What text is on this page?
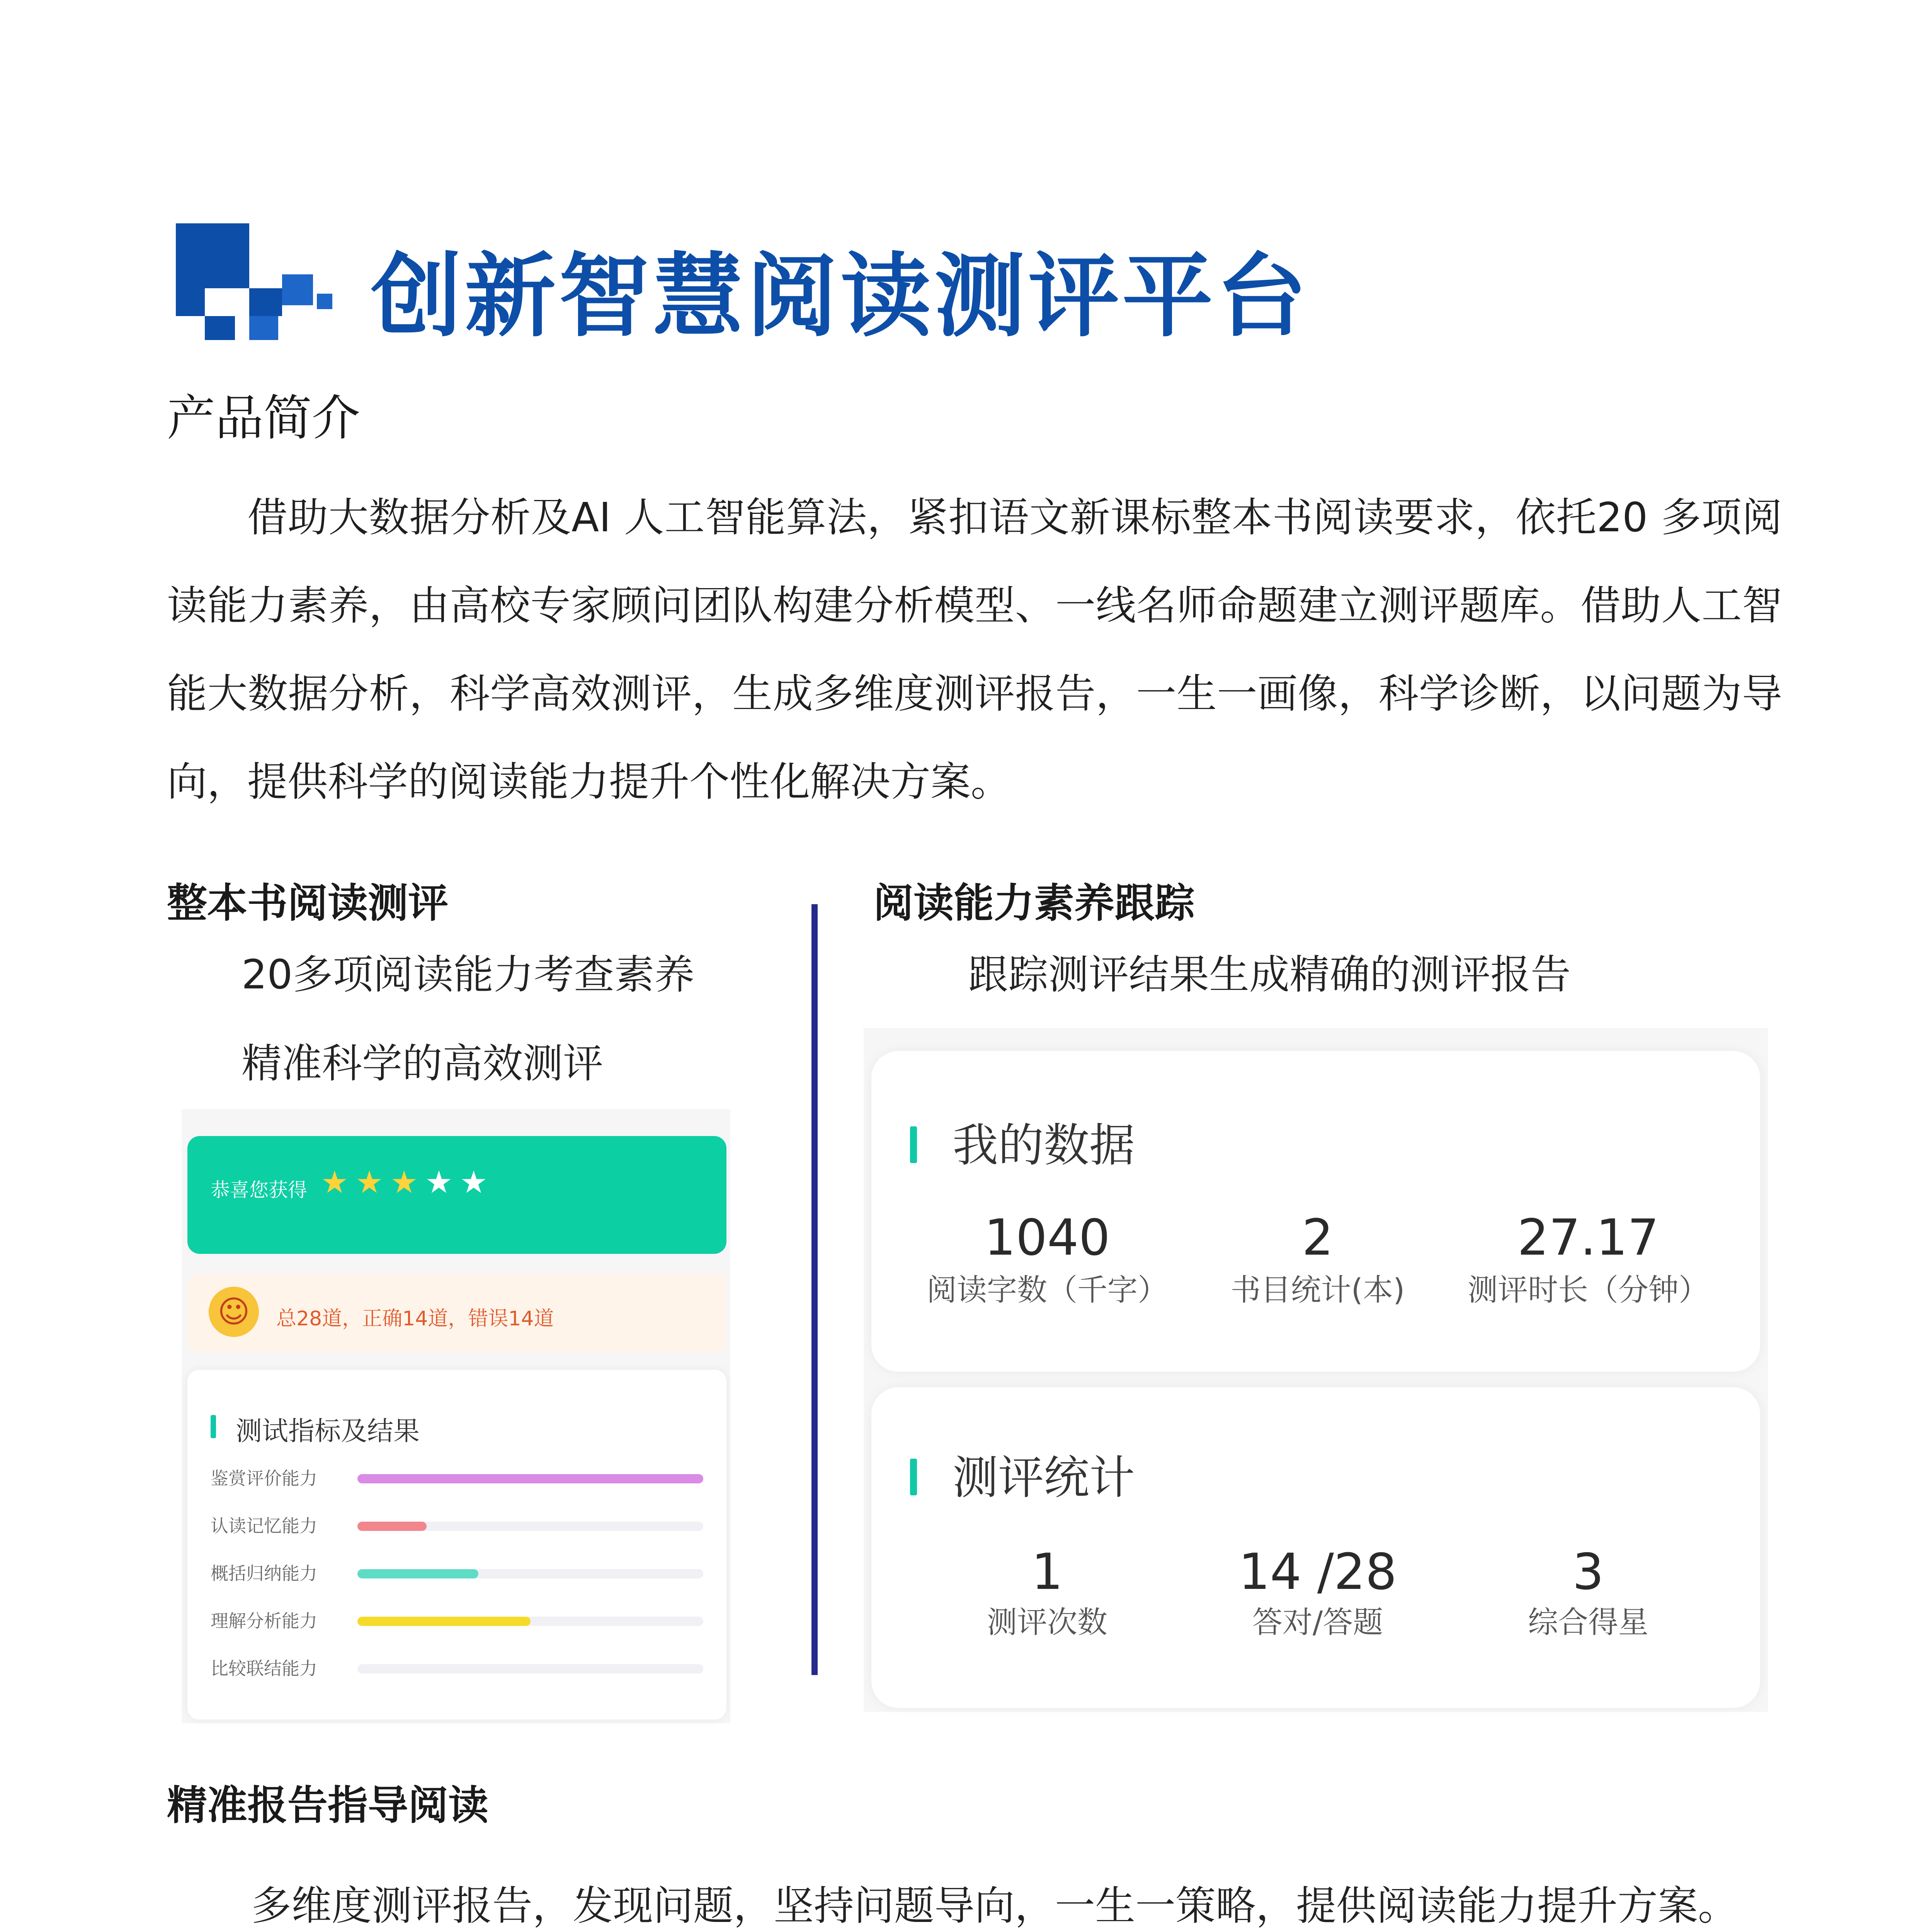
创新智慧阅读测评平台
产品简介
借助大数据分析及AI 人工智能算法，紧扣语文新课标整本书阅读要求，依托20 多项阅读能力素养，由高校专家顾问团队构建分析模型、一线名师命题建立测评题库。借助人工智能大数据分析，科学高效测评，生成多维度测评报告，一生一画像，科学诊断，以问题为导向，提供科学的阅读能力提升个性化解决方案。
整本书阅读测评
20多项阅读能力考查素养
精准科学的高效测评
恭喜您获得 ★ ★ ★ ★ ★
☺	总28道，正确14道，错误14道
测试指标及结果
鉴赏评价能力
认读记忆能力
概括归纳能力
理解分析能力
比较联结能力
阅读能力素养跟踪
跟踪测评结果生成精确的测评报告
我的数据
1040
阅读字数（千字）
2
书目统计(本)
27.17
测评时长（分钟）
测评统计
1
测评次数
14 /28
答对/答题
3
综合得星
精准报告指导阅读
多维度测评报告，发现问题，坚持问题导向，一生一策略，提供阅读能力提升方案。
